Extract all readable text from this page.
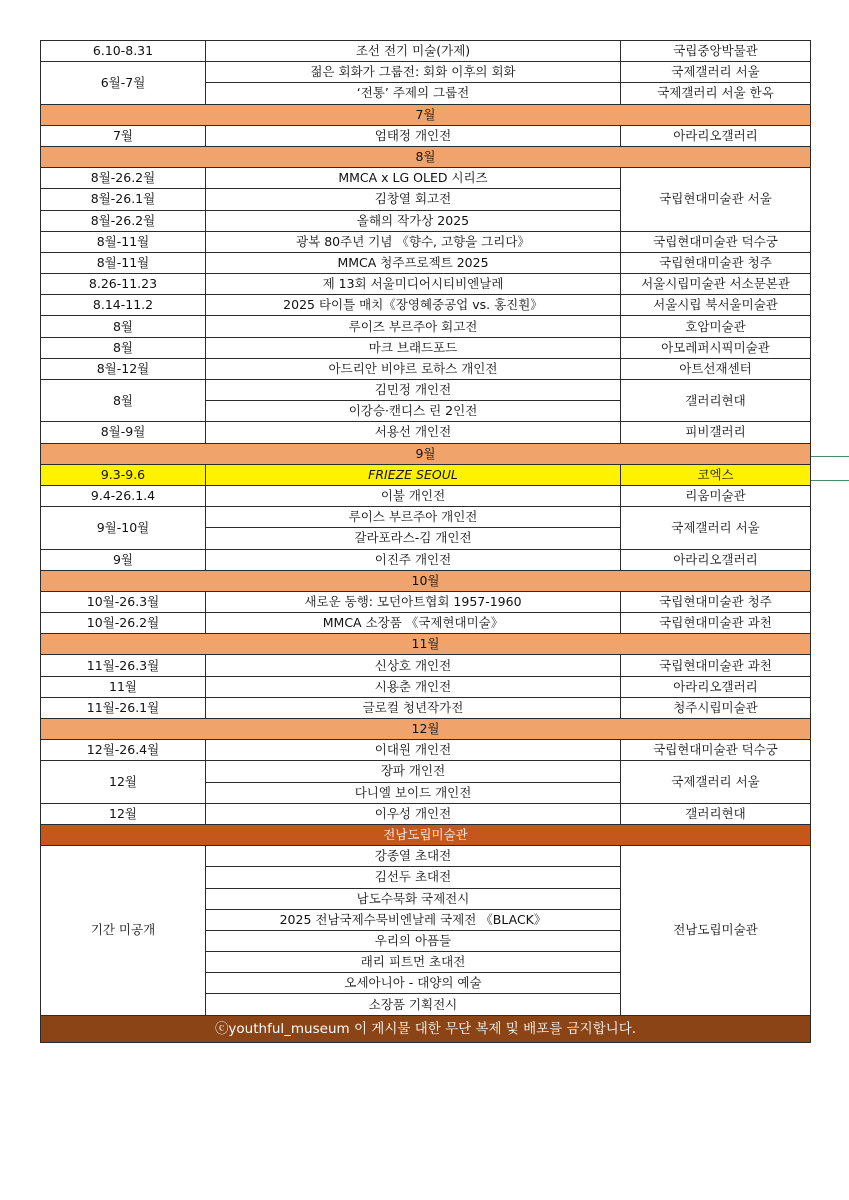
6.10-8.31	조선 전기 미술(가제)	국립중앙박물관
6월-7월	젊은 회화가 그룹전: 회화 이후의 회화	국제갤러리 서울
	‘전통’ 주제의 그룹전	국제갤러리 서울 한옥
7월		
7월	엄태정 개인전	아라리오갤러리
8월		
8월-26.2월	MMCA x LG OLED 시리즈	국립현대미술관 서울
8월-26.1월	김창열 회고전	
8월-26.2월	올해의 작가상 2025	
8월-11월	광복 80주년 기념 《향수, 고향을 그리다》	국립현대미술관 덕수궁
8월-11월	MMCA 청주프로젝트 2025	국립현대미술관 청주
8.26-11.23	제 13회 서울미디어시티비엔날레	서울시립미술관 서소문본관
8.14-11.2	2025 타이틀 매치《장영혜중공업 vs. 홍진훤》	서울시립 북서울미술관
8월	루이즈 부르주아 회고전	호암미술관
8월	마크 브래드포드	아모레퍼시픽미술관
8월-12월	아드리안 비야르 로하스 개인전	아트선재센터
8월	김민정 개인전	갤러리현대
	이강승·캔디스 린 2인전	
8월-9월	서용선 개인전	피비갤러리
9월		
9.3-9.6	FRIEZE SEOUL	코엑스
9.4-26.1.4	이불 개인전	리움미술관
9월-10월	루이스 부르주아 개인전	국제갤러리 서울
	갈라포라스-김 개인전	
9월	이진주 개인전	아라리오갤러리
10월		
10월-26.3월	새로운 동행: 모던아트협회 1957-1960	국립현대미술관 청주
10월-26.2월	MMCA 소장품 《국제현대미술》	국립현대미술관 과천
11월		
11월-26.3월	신상호 개인전	국립현대미술관 과천
11월	시용춘 개인전	아라리오갤러리
11월-26.1월	글로컬 청년작가전	청주시립미술관
12월		
12월-26.4월	이대원 개인전	국립현대미술관 덕수궁
12월	장파 개인전	국제갤러리 서울
	다니엘 보이드 개인전	
12월	이우성 개인전	갤러리현대
전남도립미술관		
기간 미공개	강종열 초대전	전남도립미술관
	김선두 초대전	
	남도수묵화 국제전시	
	2025 전남국제수묵비엔날레 국제전 《BLACK》	
	우리의 아픔들	
	래리 피트먼 초대전	
	오세아니아 - 대양의 예술	
	소장품 기획전시	
ⓒyouthful_museum 이 게시물 대한 무단 복제 및 배포를 금지합니다.		
